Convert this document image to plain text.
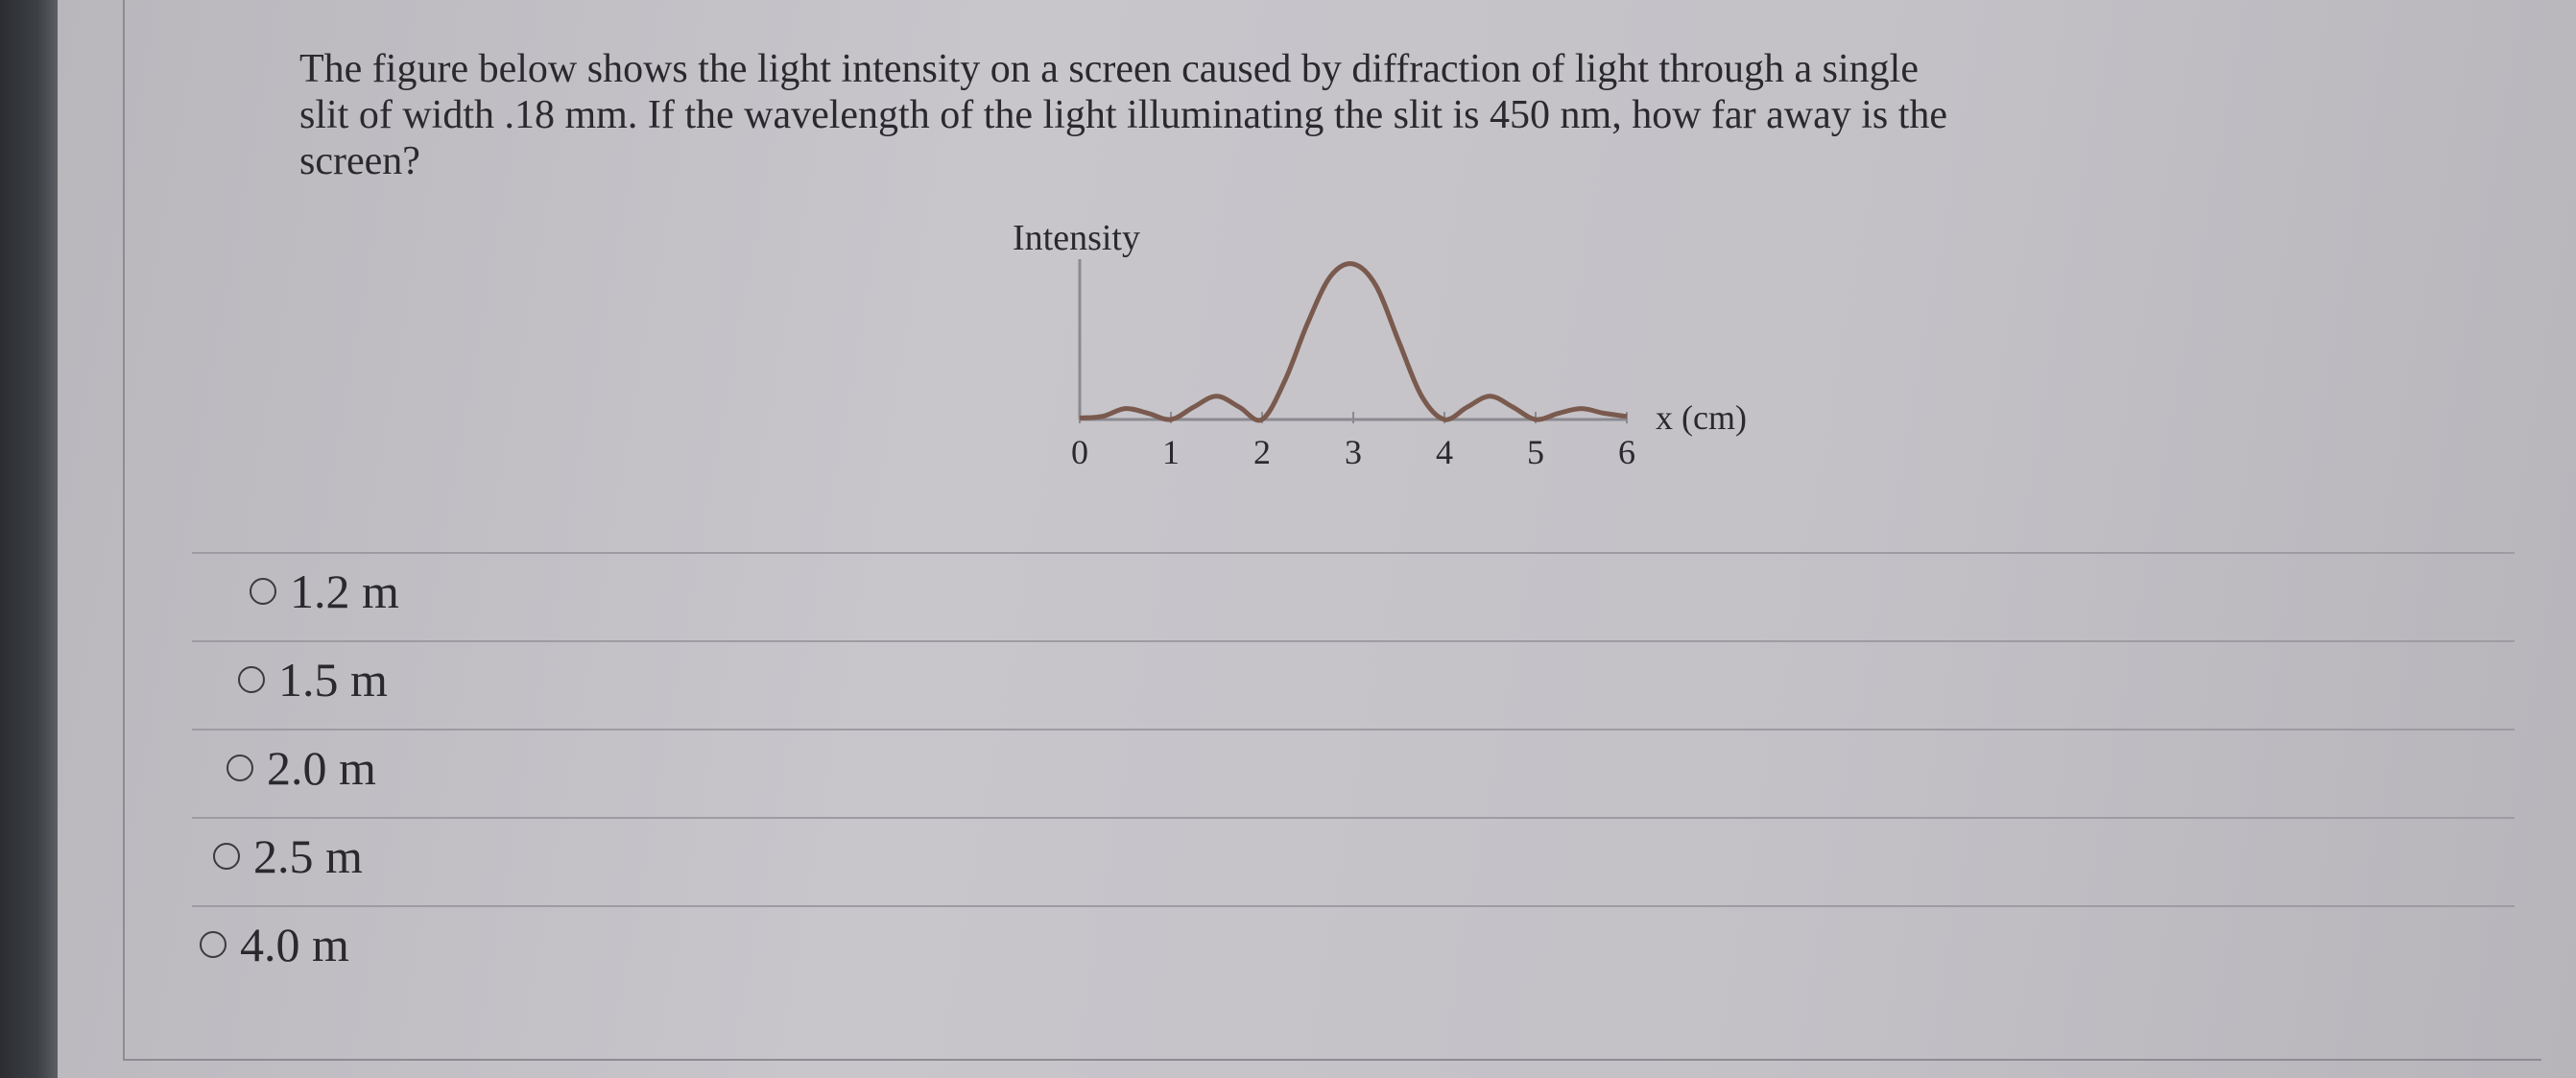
The figure below shows the light intensity on a screen caused by diffraction of light through a single
slit of width .18 mm. If the wavelength of the light illuminating the slit is 450 nm, how far away is the
screen?
Intensity
x (cm)
0 1 2 3 4 5 6
1.2 m
1.5 m
2.0 m
2.5 m
4.0 m
